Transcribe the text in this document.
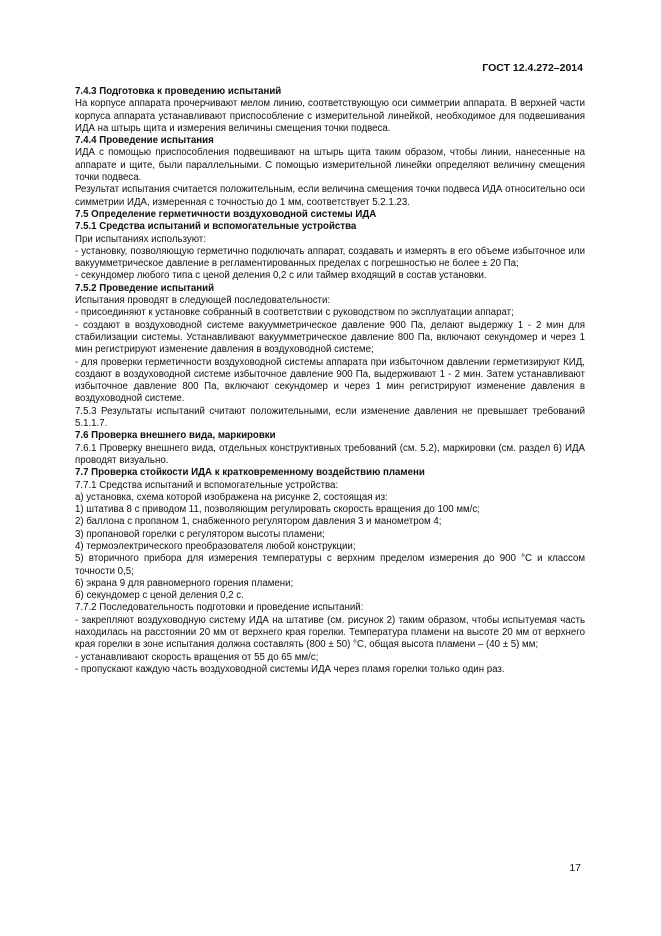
ГОСТ 12.4.272–2014

7.4.3 Подготовка к проведению испытаний

На корпусе аппарата прочерчивают мелом линию, соответствующую оси симметрии аппарата. В верхней части корпуса аппарата устанавливают приспособление с измерительной линейкой, необходимое для подвешивания ИДА на штырь щита и измерения величины смещения точки подвеса.

7.4.4 Проведение испытания

ИДА с помощью приспособления подвешивают на штырь щита таким образом, чтобы линии, нанесенные на аппарате и щите, были параллельными. С помощью измерительной линейки определяют величину смещения точки подвеса.

Результат испытания считается положительным, если величина смещения точки подвеса ИДА относительно оси симметрии ИДА, измеренная с точностью до 1 мм, соответствует 5.2.1.23.

7.5 Определение герметичности воздуховодной системы ИДА

7.5.1 Средства испытаний и вспомогательные устройства

При испытаниях используют:

- установку, позволяющую герметично подключать аппарат, создавать и измерять в его объеме избыточное или вакуумметрическое давление в регламентированных пределах с погрешностью не более ± 20 Па;

- секундомер любого типа с ценой деления 0,2 с или таймер входящий в состав установки.

7.5.2 Проведение испытаний

Испытания проводят в следующей последовательности:

- присоединяют к установке собранный в соответствии с руководством по эксплуатации аппарат;

- создают в воздуховодной системе вакуумметрическое давление 900 Па, делают выдержку 1 - 2 мин для стабилизации системы. Устанавливают вакуумметрическое давление 800 Па, включают секундомер и через 1 мин регистрируют изменение давления в воздуховодной системе;

- для проверки герметичности воздуховодной системы аппарата при избыточном давлении герметизируют КИД, создают в воздуховодной системе избыточное давление 900 Па, выдерживают 1 - 2 мин. Затем устанавливают избыточное давление 800 Па, включают секундомер и через 1 мин регистрируют изменение давления в воздуховодной системе.

7.5.3 Результаты испытаний считают положительными, если изменение давления не превышает требований 5.1.1.7.

7.6 Проверка внешнего вида, маркировки

7.6.1 Проверку внешнего вида, отдельных конструктивных требований (см. 5.2), маркировки (см. раздел 6) ИДА проводят визуально.

7.7 Проверка стойкости ИДА к кратковременному воздействию пламени

7.7.1 Средства испытаний и вспомогательные устройства:

а) установка, схема которой изображена на рисунке 2, состоящая из:

1) штатива 8 с приводом 11, позволяющим регулировать скорость вращения до 100 мм/с;

2) баллона с пропаном 1, снабженного регулятором давления 3 и манометром 4;

3) пропановой горелки с регулятором высоты пламени;

4) термоэлектрического преобразователя любой конструкции;

5) вторичного прибора для измерения температуры с верхним пределом измерения до 900 °С и классом точности 0,5;

6) экрана 9 для равномерного горения пламени;

б) секундомер с ценой деления 0,2 с.

7.7.2 Последовательность подготовки и проведение испытаний:

- закрепляют воздуховодную систему ИДА на штативе (см. рисунок 2) таким образом, чтобы испытуемая часть находилась на расстоянии 20 мм от верхнего края горелки. Температура пламени на высоте 20 мм от верхнего края горелки в зоне испытания должна составлять (800 ± 50) °С, общая высота пламени – (40 ± 5) мм;

- устанавливают скорость вращения от 55 до 65 мм/с;

- пропускают каждую часть воздуховодной системы ИДА через пламя горелки только один раз.

17
